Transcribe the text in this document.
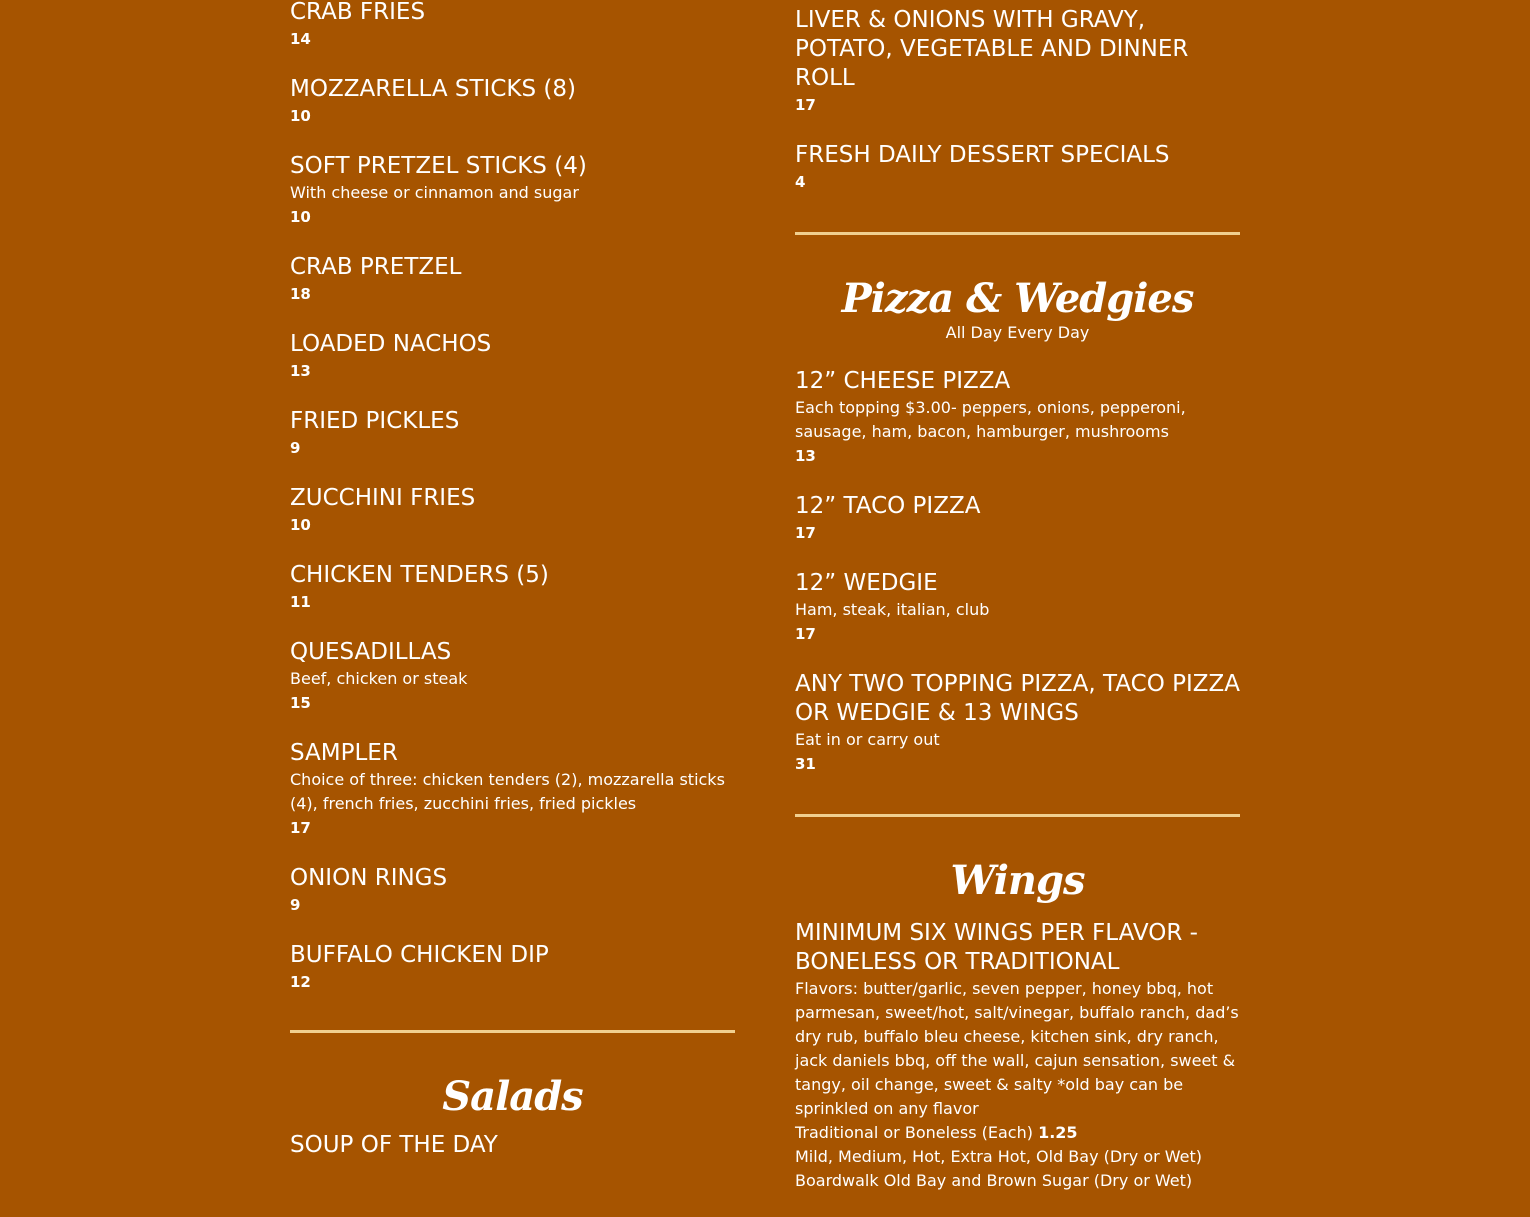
CRAB FRIES
14
MOZZARELLA STICKS (8)
10
SOFT PRETZEL STICKS (4)
With cheese or cinnamon and sugar
10
CRAB PRETZEL
18
LOADED NACHOS
13
FRIED PICKLES
9
ZUCCHINI FRIES
10
CHICKEN TENDERS (5)
11
QUESADILLAS
Beef, chicken or steak
15
SAMPLER
Choice of three: chicken tenders (2), mozzarella sticks (4), french fries, zucchini fries, fried pickles
17
ONION RINGS
9
BUFFALO CHICKEN DIP
12
Salads
SOUP OF THE DAY
LIVER & ONIONS WITH GRAVY, POTATO, VEGETABLE AND DINNER ROLL
17
FRESH DAILY DESSERT SPECIALS
4
Pizza & Wedgies
All Day Every Day
12” CHEESE PIZZA
Each topping $3.00- peppers, onions, pepperoni, sausage, ham, bacon, hamburger, mushrooms
13
12” TACO PIZZA
17
12” WEDGIE
Ham, steak, italian, club
17
ANY TWO TOPPING PIZZA, TACO PIZZA OR WEDGIE & 13 WINGS
Eat in or carry out
31
Wings
MINIMUM SIX WINGS PER FLAVOR - BONELESS OR TRADITIONAL
Flavors: butter/garlic, seven pepper, honey bbq, hot parmesan, sweet/hot, salt/vinegar, buffalo ranch, dad’s dry rub, buffalo bleu cheese, kitchen sink, dry ranch, jack daniels bbq, off the wall, cajun sensation, sweet & tangy, oil change, sweet & salty *old bay can be sprinkled on any flavor
Traditional or Boneless (Each) 1.25
Mild, Medium, Hot, Extra Hot, Old Bay (Dry or Wet)
Boardwalk Old Bay and Brown Sugar (Dry or Wet)
